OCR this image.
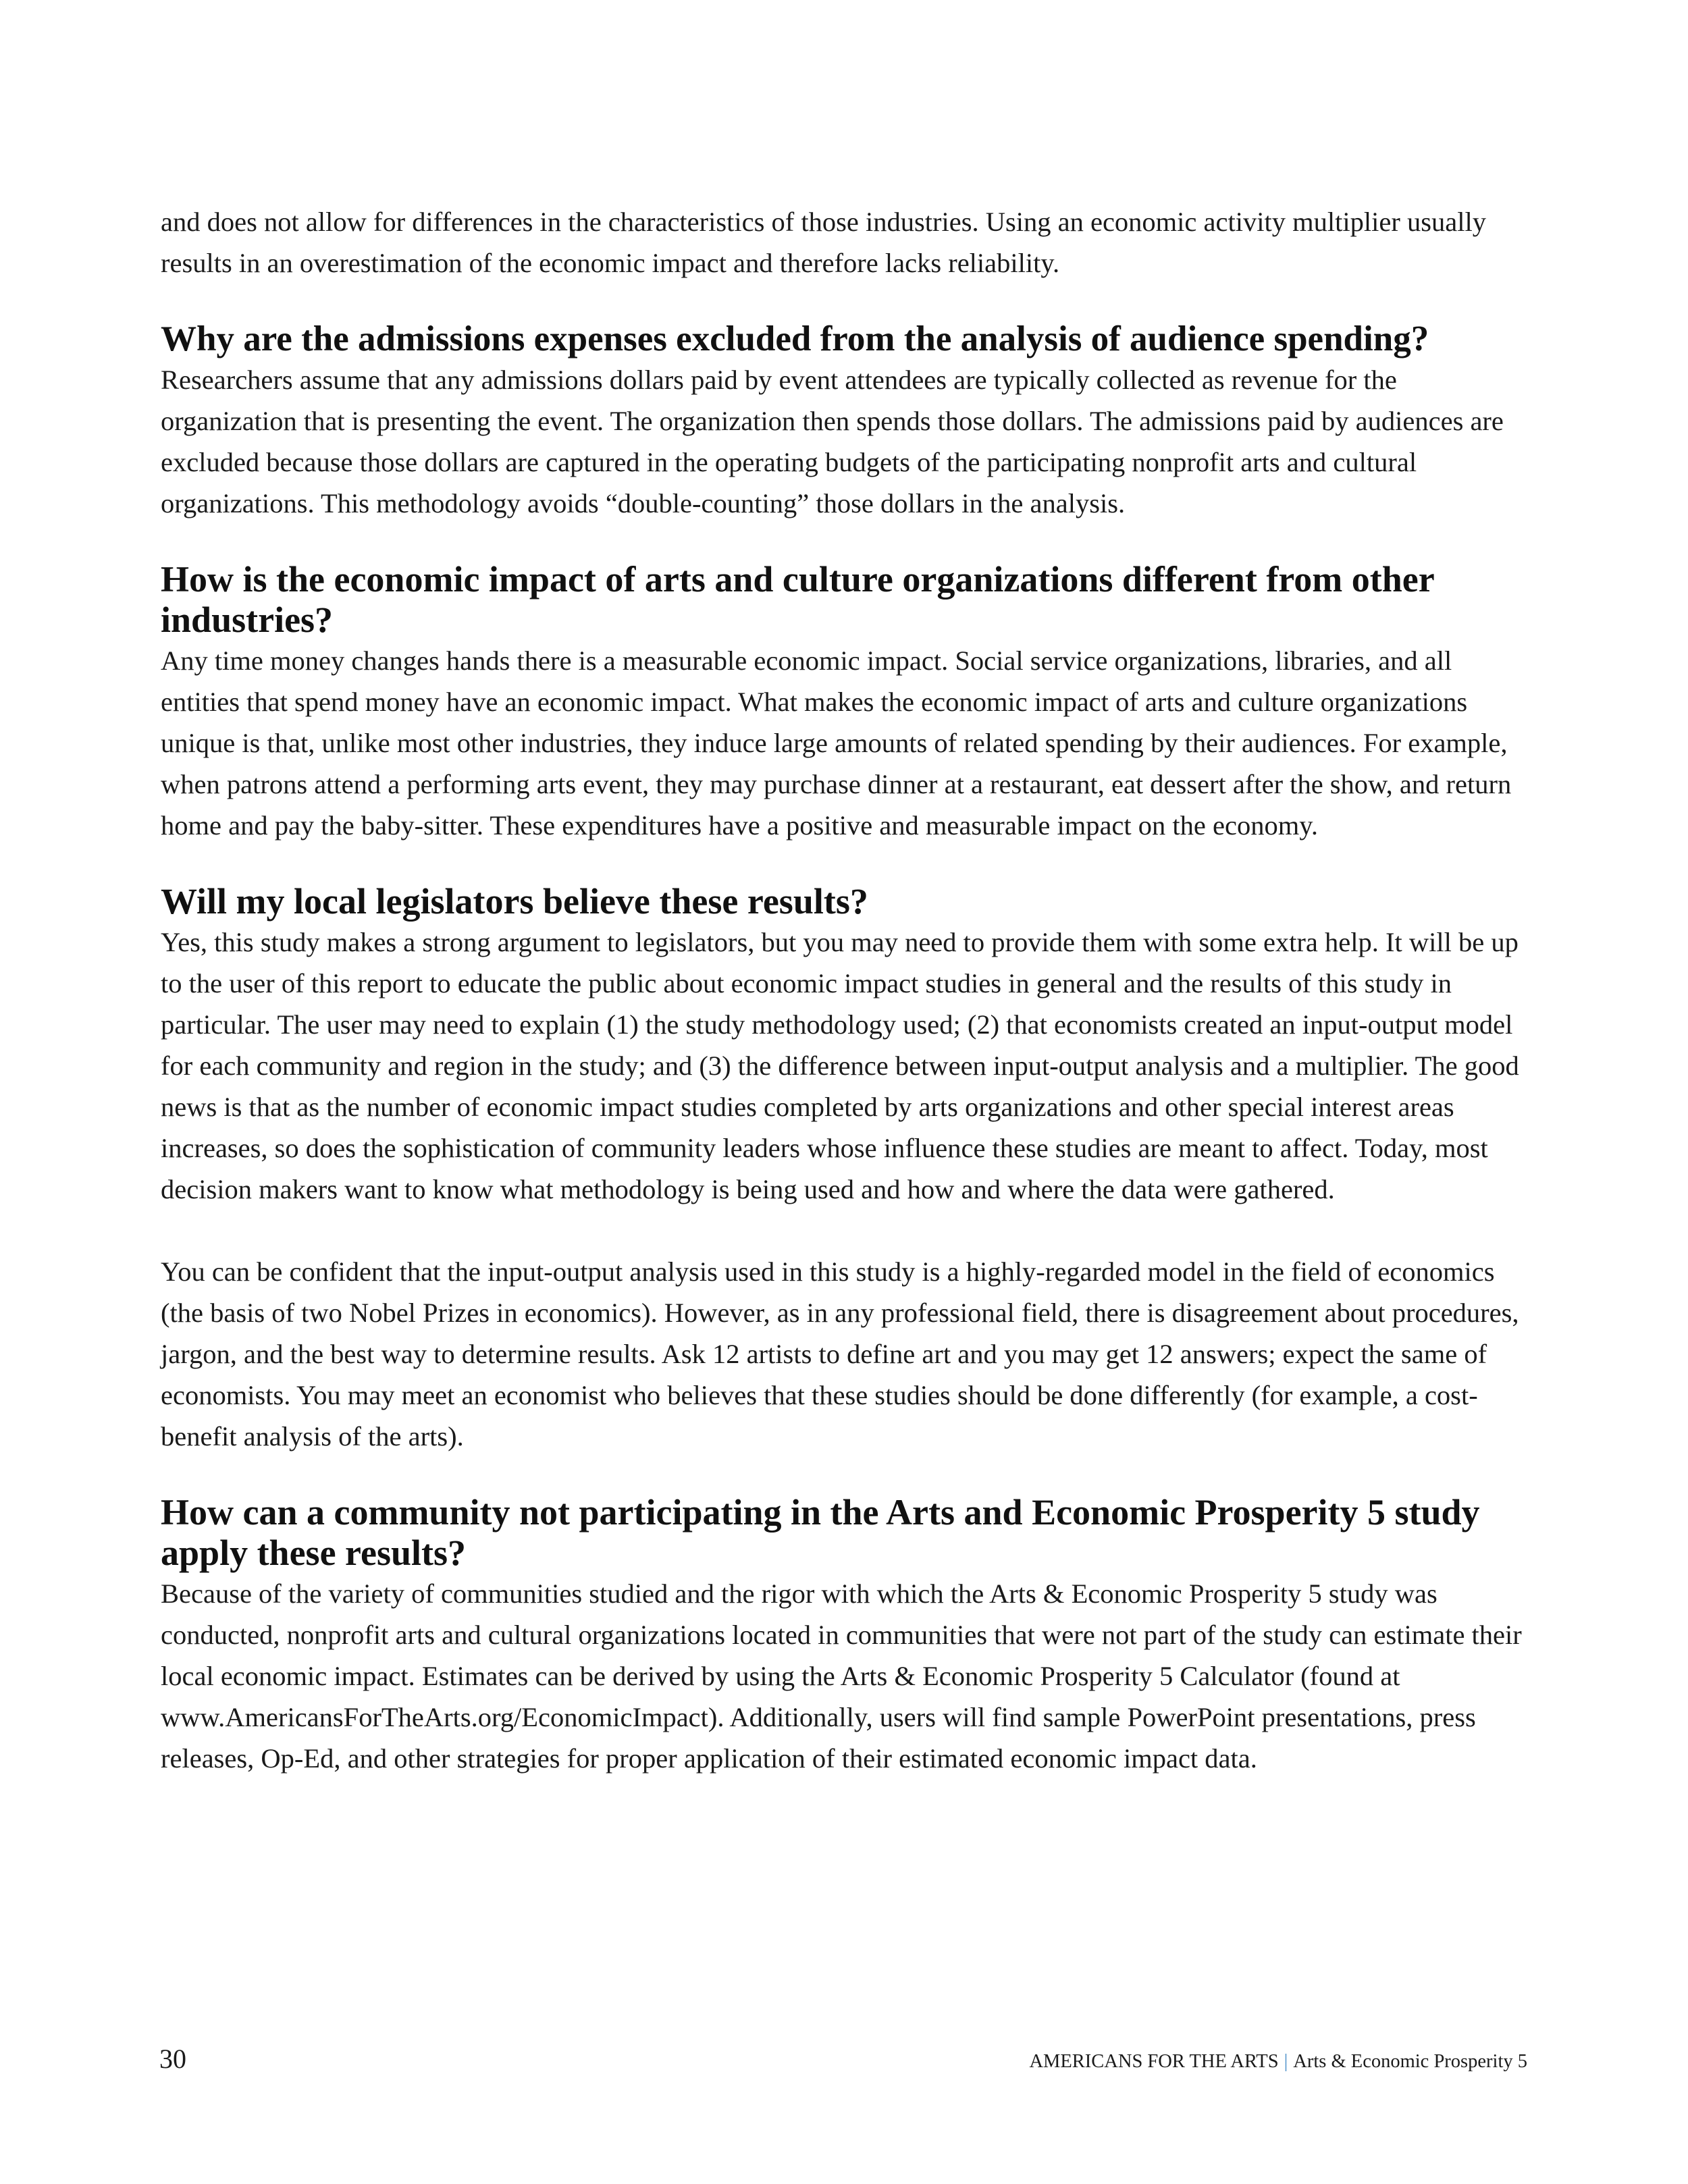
and does not allow for differences in the characteristics of those industries. Using an economic activity multiplier usually results in an overestimation of the economic impact and therefore lacks reliability.

Why are the admissions expenses excluded from the analysis of audience spending?

Researchers assume that any admissions dollars paid by event attendees are typically collected as revenue for the organization that is presenting the event. The organization then spends those dollars. The admissions paid by audiences are excluded because those dollars are captured in the operating budgets of the participating nonprofit arts and cultural organizations. This methodology avoids “double-counting” those dollars in the analysis.

How is the economic impact of arts and culture organizations different from other industries?

Any time money changes hands there is a measurable economic impact. Social service organizations, libraries, and all entities that spend money have an economic impact. What makes the economic impact of arts and culture organizations unique is that, unlike most other industries, they induce large amounts of related spending by their audiences. For example, when patrons attend a performing arts event, they may purchase dinner at a restaurant, eat dessert after the show, and return home and pay the baby-sitter. These expenditures have a positive and measurable impact on the economy.

Will my local legislators believe these results?

Yes, this study makes a strong argument to legislators, but you may need to provide them with some extra help. It will be up to the user of this report to educate the public about economic impact studies in general and the results of this study in particular. The user may need to explain (1) the study methodology used; (2) that economists created an input-output model for each community and region in the study; and (3) the difference between input-output analysis and a multiplier. The good news is that as the number of economic impact studies completed by arts organizations and other special interest areas increases, so does the sophistication of community leaders whose influence these studies are meant to affect. Today, most decision makers want to know what methodology is being used and how and where the data were gathered.

You can be confident that the input-output analysis used in this study is a highly-regarded model in the field of economics (the basis of two Nobel Prizes in economics). However, as in any professional field, there is disagreement about procedures, jargon, and the best way to determine results. Ask 12 artists to define art and you may get 12 answers; expect the same of economists. You may meet an economist who believes that these studies should be done differently (for example, a cost-benefit analysis of the arts).

How can a community not participating in the Arts and Economic Prosperity 5 study apply these results?

Because of the variety of communities studied and the rigor with which the Arts & Economic Prosperity 5 study was conducted, nonprofit arts and cultural organizations located in communities that were not part of the study can estimate their local economic impact. Estimates can be derived by using the Arts & Economic Prosperity 5 Calculator (found at www.AmericansForTheArts.org/EconomicImpact). Additionally, users will find sample PowerPoint presentations, press releases, Op-Ed, and other strategies for proper application of their estimated economic impact data.

30	AMERICANS FOR THE ARTS | Arts & Economic Prosperity 5
